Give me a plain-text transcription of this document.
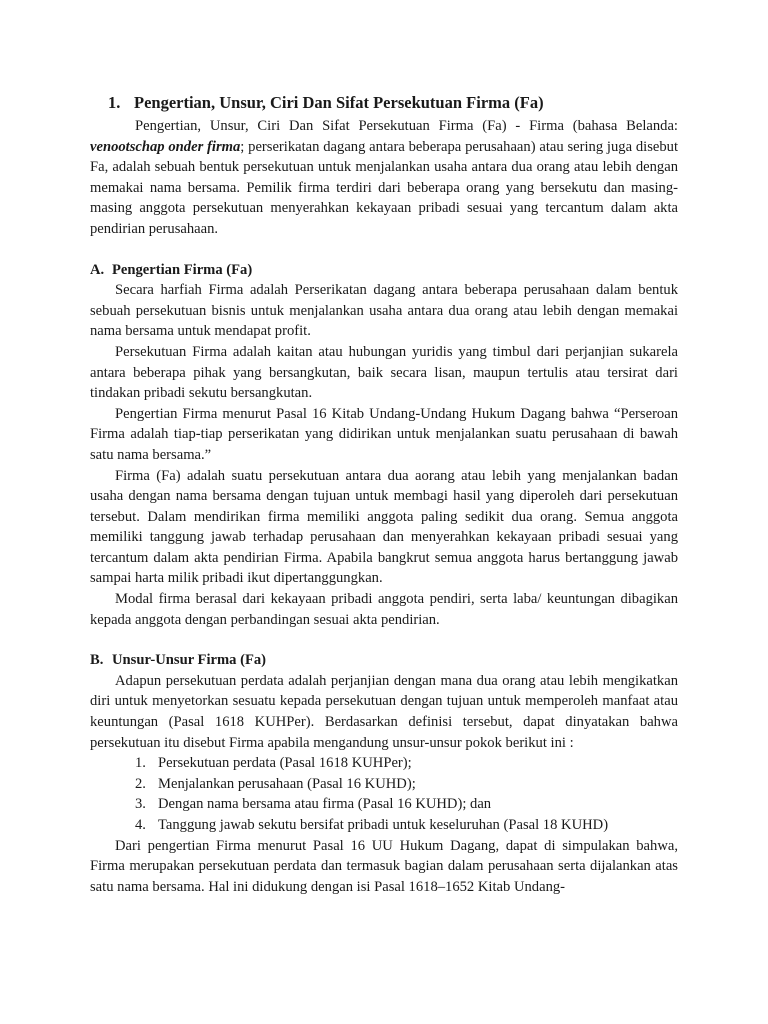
1. Pengertian, Unsur, Ciri Dan Sifat Persekutuan Firma (Fa)

Pengertian, Unsur, Ciri Dan Sifat Persekutuan Firma (Fa) - Firma (bahasa Belanda: venootschap onder firma; perserikatan dagang antara beberapa perusahaan) atau sering juga disebut Fa, adalah sebuah bentuk persekutuan untuk menjalankan usaha antara dua orang atau lebih dengan memakai nama bersama. Pemilik firma terdiri dari beberapa orang yang bersekutu dan masing-masing anggota persekutuan menyerahkan kekayaan pribadi sesuai yang tercantum dalam akta pendirian perusahaan.

A. Pengertian Firma (Fa)

Secara harfiah Firma adalah Perserikatan dagang antara beberapa perusahaan dalam bentuk sebuah persekutuan bisnis untuk menjalankan usaha antara dua orang atau lebih dengan memakai nama bersama untuk mendapat profit.

Persekutuan Firma adalah kaitan atau hubungan yuridis yang timbul dari perjanjian sukarela antara beberapa pihak yang bersangkutan, baik secara lisan, maupun tertulis atau tersirat dari tindakan pribadi sekutu bersangkutan.

Pengertian Firma menurut Pasal 16 Kitab Undang-Undang Hukum Dagang bahwa “Perseroan Firma adalah tiap-tiap perserikatan yang didirikan untuk menjalankan suatu perusahaan di bawah satu nama bersama.”

Firma (Fa) adalah suatu persekutuan antara dua aorang atau lebih yang menjalankan badan usaha dengan nama bersama dengan tujuan untuk membagi hasil yang diperoleh dari persekutuan tersebut. Dalam mendirikan firma memiliki anggota paling sedikit dua orang. Semua anggota memiliki tanggung jawab terhadap perusahaan dan menyerahkan kekayaan pribadi sesuai yang tercantum dalam akta pendirian Firma. Apabila bangkrut semua anggota harus bertanggung jawab sampai harta milik pribadi ikut dipertanggungkan.

Modal firma berasal dari kekayaan pribadi anggota pendiri, serta laba/ keuntungan dibagikan kepada anggota dengan perbandingan sesuai akta pendirian.

B. Unsur-Unsur Firma (Fa)

Adapun persekutuan perdata adalah perjanjian dengan mana dua orang atau lebih mengikatkan diri untuk menyetorkan sesuatu kepada persekutuan dengan tujuan untuk memperoleh manfaat atau keuntungan (Pasal 1618 KUHPer). Berdasarkan definisi tersebut, dapat dinyatakan bahwa persekutuan itu disebut Firma apabila mengandung unsur-unsur pokok berikut ini :

1. Persekutuan perdata (Pasal 1618 KUHPer);
2. Menjalankan perusahaan (Pasal 16 KUHD);
3. Dengan nama bersama atau firma (Pasal 16 KUHD); dan
4. Tanggung jawab sekutu bersifat pribadi untuk keseluruhan (Pasal 18 KUHD)

Dari pengertian Firma menurut Pasal 16 UU Hukum Dagang, dapat di simpulakan bahwa, Firma merupakan persekutuan perdata dan termasuk bagian dalam perusahaan serta dijalankan atas satu nama bersama. Hal ini didukung dengan isi Pasal 1618–1652 Kitab Undang-
